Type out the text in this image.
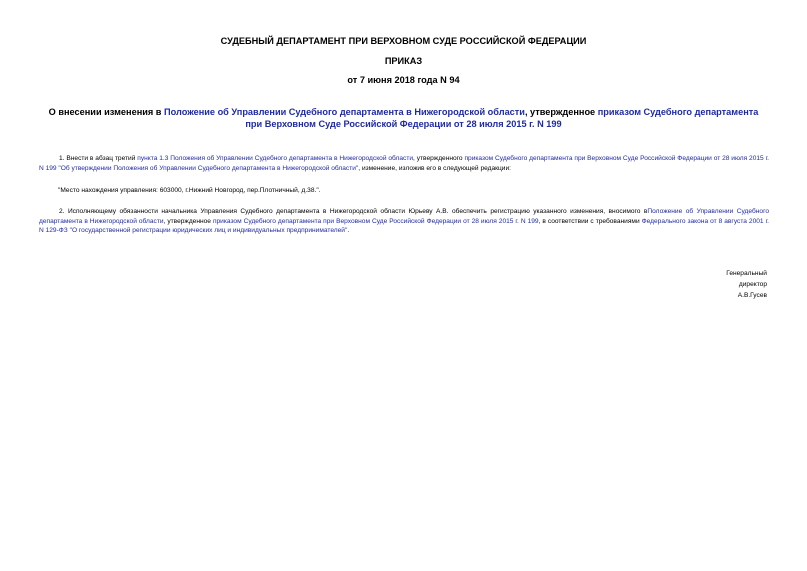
СУДЕБНЫЙ ДЕПАРТАМЕНТ ПРИ ВЕРХОВНОМ СУДЕ РОССИЙСКОЙ ФЕДЕРАЦИИ
ПРИКАЗ
от 7 июня 2018 года N 94
О внесении изменения в Положение об Управлении Судебного департамента в Нижегородской области, утвержденное приказом Судебного департамента при Верховном Суде Российской Федерации от 28 июля 2015 г. N 199
1. Внести в абзац третий пункта 1.3 Положения об Управлении Судебного департамента в Нижегородской области, утвержденного приказом Судебного департамента при Верховном Суде Российской Федерации от 28 июля 2015 г. N 199 "Об утверждении Положения об Управлении Судебного департамента в Нижегородской области", изменение, изложив его в следующей редакции:
"Место нахождения управления: 603000, г.Нижний Новгород, пер.Плотничный, д.38.".
2. Исполняющему обязанности начальника Управления Судебного департамента в Нижегородской области Юрьеву А.В. обеспечить регистрацию указанного изменения, вносимого вПоложение об Управлении Судебного департамента в Нижегородской области, утвержденное приказом Судебного департамента при Верховном Суде Российской Федерации от 28 июля 2015 г. N 199, в соответствии с требованиями Федерального закона от 8 августа 2001 г. N 129-ФЗ "О государственной регистрации юридических лиц и индивидуальных предпринимателей".
Генеральный
директор
А.В.Гусев
